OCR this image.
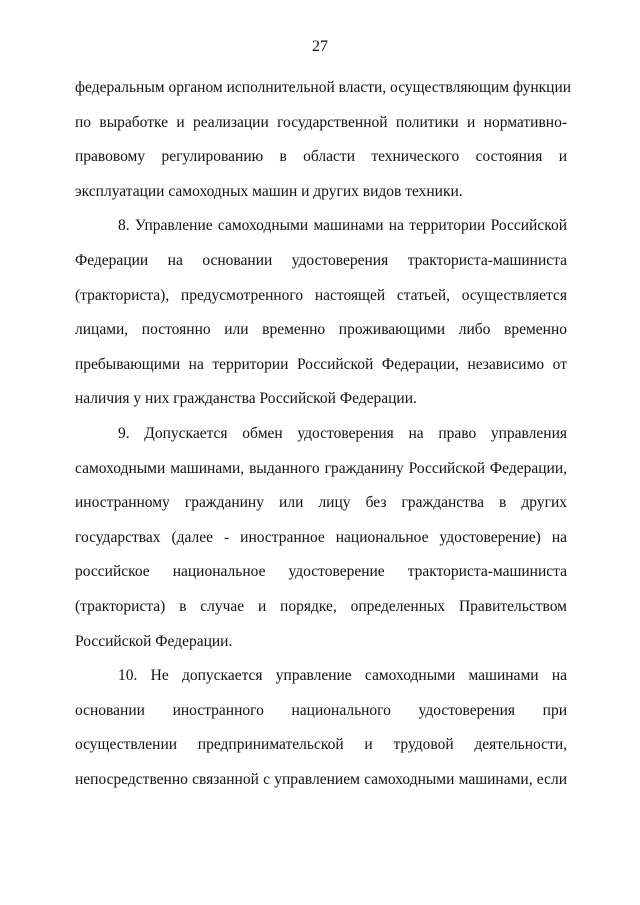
27
федеральным органом исполнительной власти, осуществляющим функции
по выработке и реализации государственной политики и нормативно-
правовому регулированию в области технического состояния и
эксплуатации самоходных машин и других видов техники.
8. Управление самоходными машинами на территории Российской
Федерации на основании удостоверения тракториста-машиниста
(тракториста), предусмотренного настоящей статьей, осуществляется
лицами, постоянно или временно проживающими либо временно
пребывающими на территории Российской Федерации, независимо от
наличия у них гражданства Российской Федерации.
9. Допускается обмен удостоверения на право управления
самоходными машинами, выданного гражданину Российской Федерации,
иностранному гражданину или лицу без гражданства в других
государствах (далее - иностранное национальное удостоверение) на
российское национальное удостоверение тракториста-машиниста
(тракториста) в случае и порядке, определенных Правительством
Российской Федерации.
10. Не допускается управление самоходными машинами на
основании иностранного национального удостоверения при
осуществлении предпринимательской и трудовой деятельности,
непосредственно связанной с управлением самоходными машинами, если
